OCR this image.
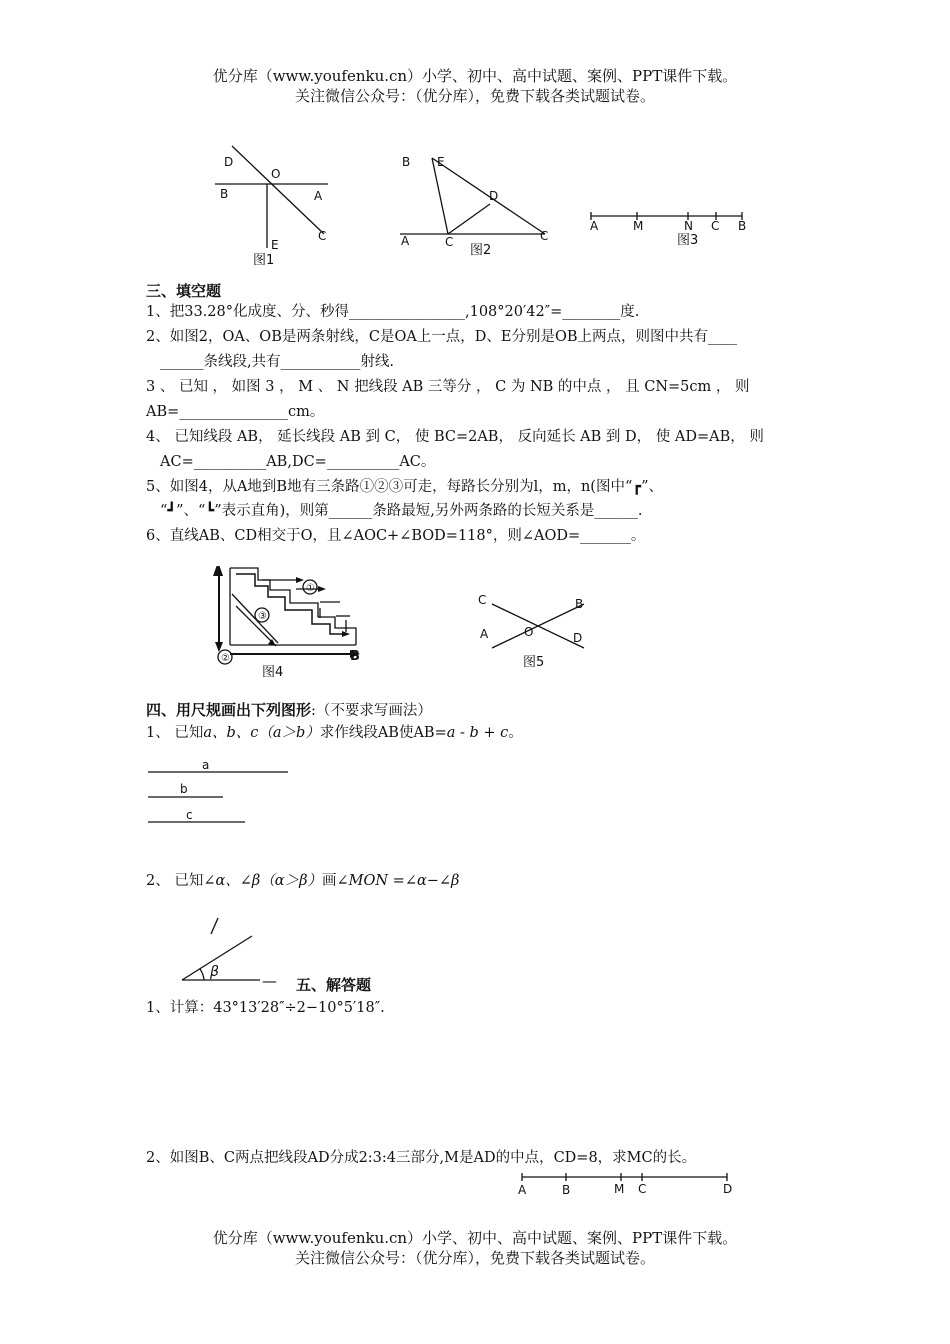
优分库（www.youfenku.cn）小学、初中、高中试题、案例、PPT课件下载。
关注微信公众号：（优分库），免费下载各类试题试卷。
D
O
B	A
E
C
图1
B E
D
A	C	C
图2
A	M	N C B
图3
A
B
①
②
③
图4
C	B
A	O	D
图5
a
b
c
β
A	B	M C	D
三、填空题
1、把33.28°化成度、分、秒得________________,108°20′42″=________度.
2、如图2，OA、OB是两条射线，C是OA上一点，D、E分别是OB上两点，则图中共有____
______条线段,共有___________射线.
3 、 已知 ， 如图 3 ， M 、 N 把线段 AB 三等分 ， C 为 NB 的中点 ， 且 CN=5cm ， 则
AB=_______________cm。
4、 已知线段 AB， 延长线段 AB 到 C， 使 BC=2AB， 反向延长 AB 到 D， 使 AD=AB， 则
AC=__________AB,DC=__________AC。
5、如图4，从A地到B地有三条路①②③可走，每路长分别为l，m，n(图中“┏”、
“┛”、“┗”表示直角)，则第______条路最短,另外两条路的长短关系是______.
6、直线AB、CD相交于O，且∠AOC+∠BOD=118°，则∠AOD=_______。
四、用尺规画出下列图形:（不要求写画法）
1、 已知a、b、c（a＞b）求作线段AB使AB=a - b + c。
2、 已知∠α、∠β（α＞β）画∠MON =∠α−∠β
— 五、解答题
1、计算：43°13′28″÷2−10°5′18″.
2、如图B、C两点把线段AD分成2:3:4三部分,M是AD的中点，CD=8，求MC的长。
优分库（www.youfenku.cn）小学、初中、高中试题、案例、PPT课件下载。
关注微信公众号：（优分库），免费下载各类试题试卷。
